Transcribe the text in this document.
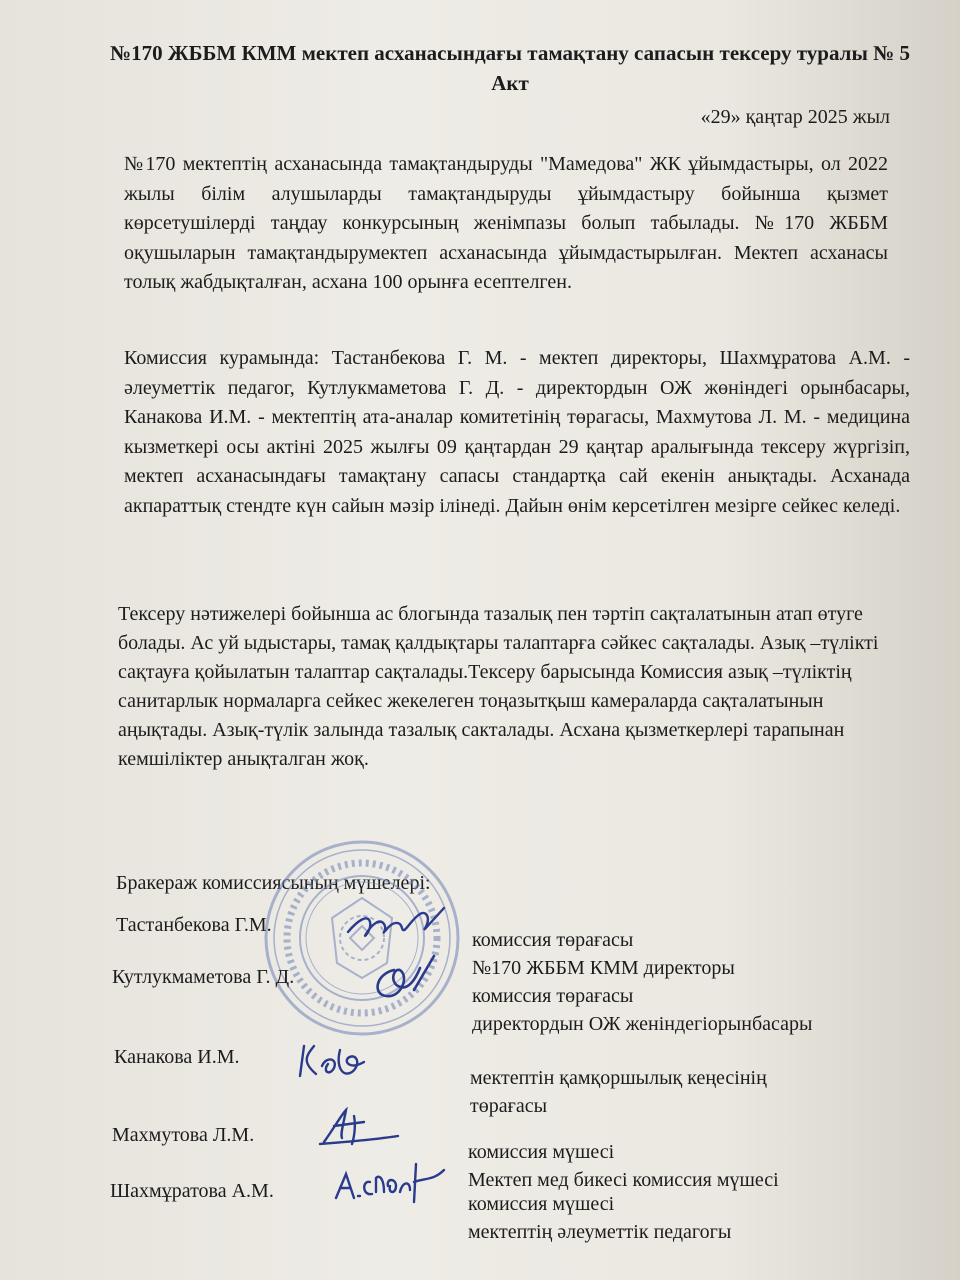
№170 ЖББМ КММ мектеп асханасындағы тамақтану сапасын тексеру туралы № 5 Акт
«29» қаңтар 2025 жыл

№170 мектептің асханасында тамақтандыруды "Мамедова" ЖК ұйымдастыры, ол 2022 жылы білім алушыларды тамақтандыруды ұйымдастыру бойынша қызмет көрсетушілерді таңдау конкурсының женімпазы болып табылады. №170 ЖББМ оқушыларын тамақтандырумектеп асханасында ұйымдастырылған. Мектеп асханасы толық жабдықталған, асхана 100 орынға есептелген.

Комиссия курамында: Тастанбекова Г. М. - мектеп директоры, Шахмұратова А.М. - әлеуметтік педагог, Кутлукмаметова Г. Д. - директордын ОЖ жөніндегі орынбасары, Канакова И.М. - мектептің ата-аналар комитетінің төрагасы, Махмутова Л. М. - медицина кызметкері осы актіні 2025 жылғы 09 қаңтардан 29 қаңтар аралығында тексеру жүргізіп, мектеп асханасындағы тамақтану сапасы стандартқа сай екенін анықтады. Асханада акпараттық стендте күн сайын мәзір ілінеді. Дайын өнім керсетілген мезірге сейкес келеді.

Тексеру нәтижелері бойынша ас блогында тазалық пен тәртіп сақталатынын атап өтуге болады. Ас уй ыдыстары, тамақ қалдықтары талаптарға сәйкес сақталады. Азық –түлікті сақтауға қойылатын талаптар сақталады.Тексеру барысында Комиссия азық –түліктің санитарлык нормаларга сейкес жекелеген тоңазытқыш камераларда сақталатынын аңықтады. Азық-түлік залында тазалық сакталады. Асхана қызметкерлері тарапынан кемшіліктер анықталган жоқ.

Бракераж комиссиясының мүшелері:
Тастанбекова Г.М.
комиссия төрағасы
№170 ЖББМ КММ директоры
Кутлукмаметова Г. Д.
комиссия төрағасы
директордын ОЖ женіндегіорынбасары
Канакова И.М.
мектептін қамқоршылық кеңесінің
төрағасы
Махмутова Л.М.
комиссия мүшесі
Мектеп мед бикесі комиссия мүшесі
Шахмұратова А.М.
комиссия мүшесі
мектептің әлеуметтік педагогы
